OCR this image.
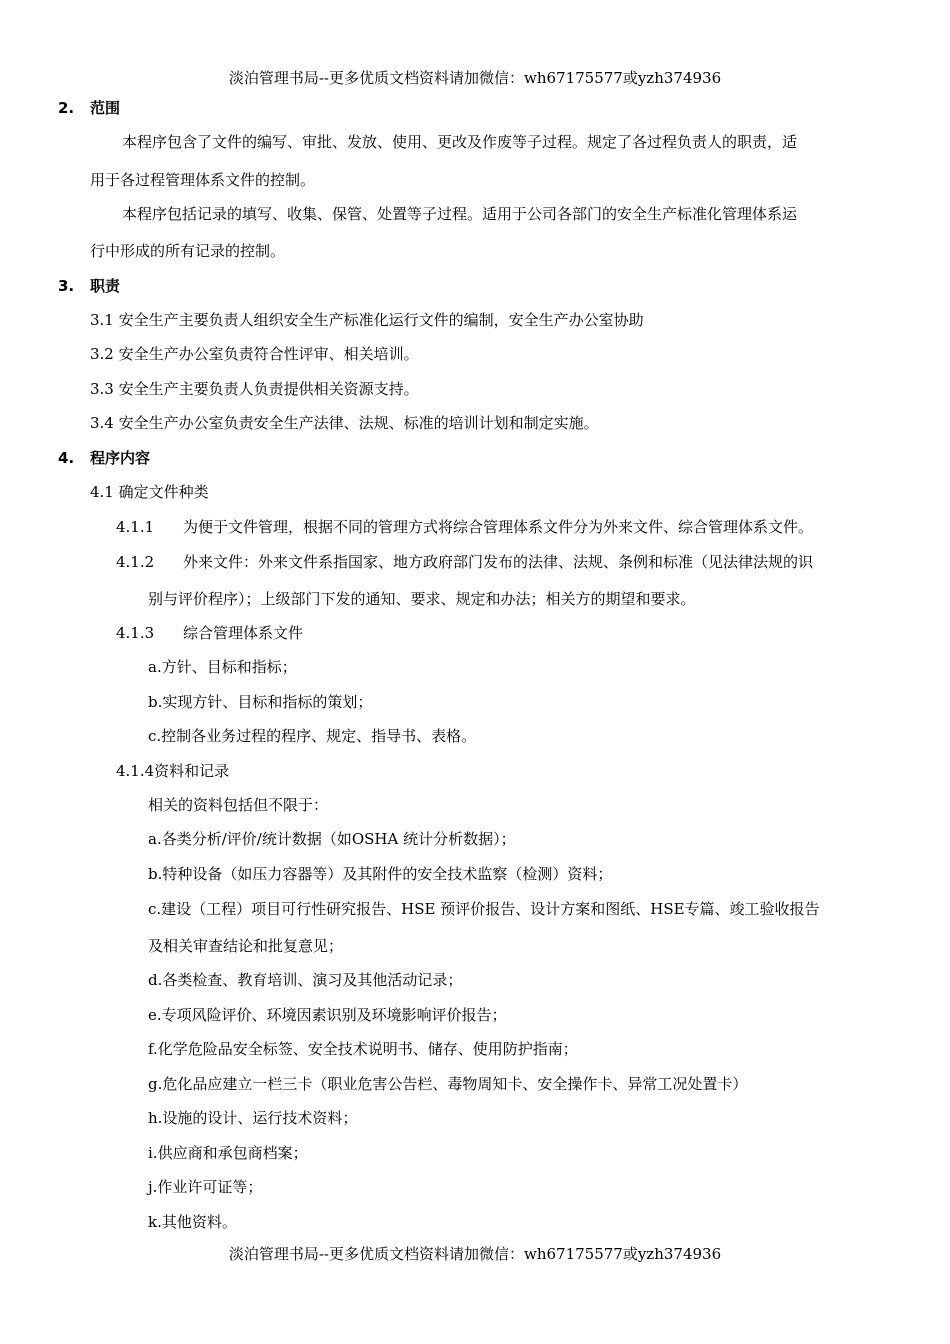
淡泊管理书局--更多优质文档资料请加微信：wh67175577或yzh374936
2. 范围
本程序包含了文件的编写、审批、发放、使用、更改及作废等子过程。规定了各过程负责人的职责，适
用于各过程管理体系文件的控制。
本程序包括记录的填写、收集、保管、处置等子过程。适用于公司各部门的安全生产标准化管理体系运
行中形成的所有记录的控制。
3. 职责
3.1 安全生产主要负责人组织安全生产标准化运行文件的编制，安全生产办公室协助
3.2 安全生产办公室负责符合性评审、相关培训。
3.3 安全生产主要负责人负责提供相关资源支持。
3.4 安全生产办公室负责安全生产法律、法规、标准的培训计划和制定实施。
4. 程序内容
4.1 确定文件种类
4.1.1 为便于文件管理，根据不同的管理方式将综合管理体系文件分为外来文件、综合管理体系文件。
4.1.2 外来文件：外来文件系指国家、地方政府部门发布的法律、法规、条例和标准（见法律法规的识
别与评价程序）；上级部门下发的通知、要求、规定和办法；相关方的期望和要求。
4.1.3 综合管理体系文件
a.方针、目标和指标；
b.实现方针、目标和指标的策划；
c.控制各业务过程的程序、规定、指导书、表格。
4.1.4资料和记录
相关的资料包括但不限于：
a.各类分析/评价/统计数据（如OSHA 统计分析数据）；
b.特种设备（如压力容器等）及其附件的安全技术监察（检测）资料；
c.建设（工程）项目可行性研究报告、HSE 预评价报告、设计方案和图纸、HSE专篇、竣工验收报告
及相关审查结论和批复意见；
d.各类检查、教育培训、演习及其他活动记录；
e.专项风险评价、环境因素识别及环境影响评价报告；
f.化学危险品安全标签、安全技术说明书、储存、使用防护指南；
g.危化品应建立一栏三卡（职业危害公告栏、毒物周知卡、安全操作卡、异常工况处置卡）
h.设施的设计、运行技术资料；
i.供应商和承包商档案；
j.作业许可证等；
k.其他资料。
淡泊管理书局--更多优质文档资料请加微信：wh67175577或yzh374936
